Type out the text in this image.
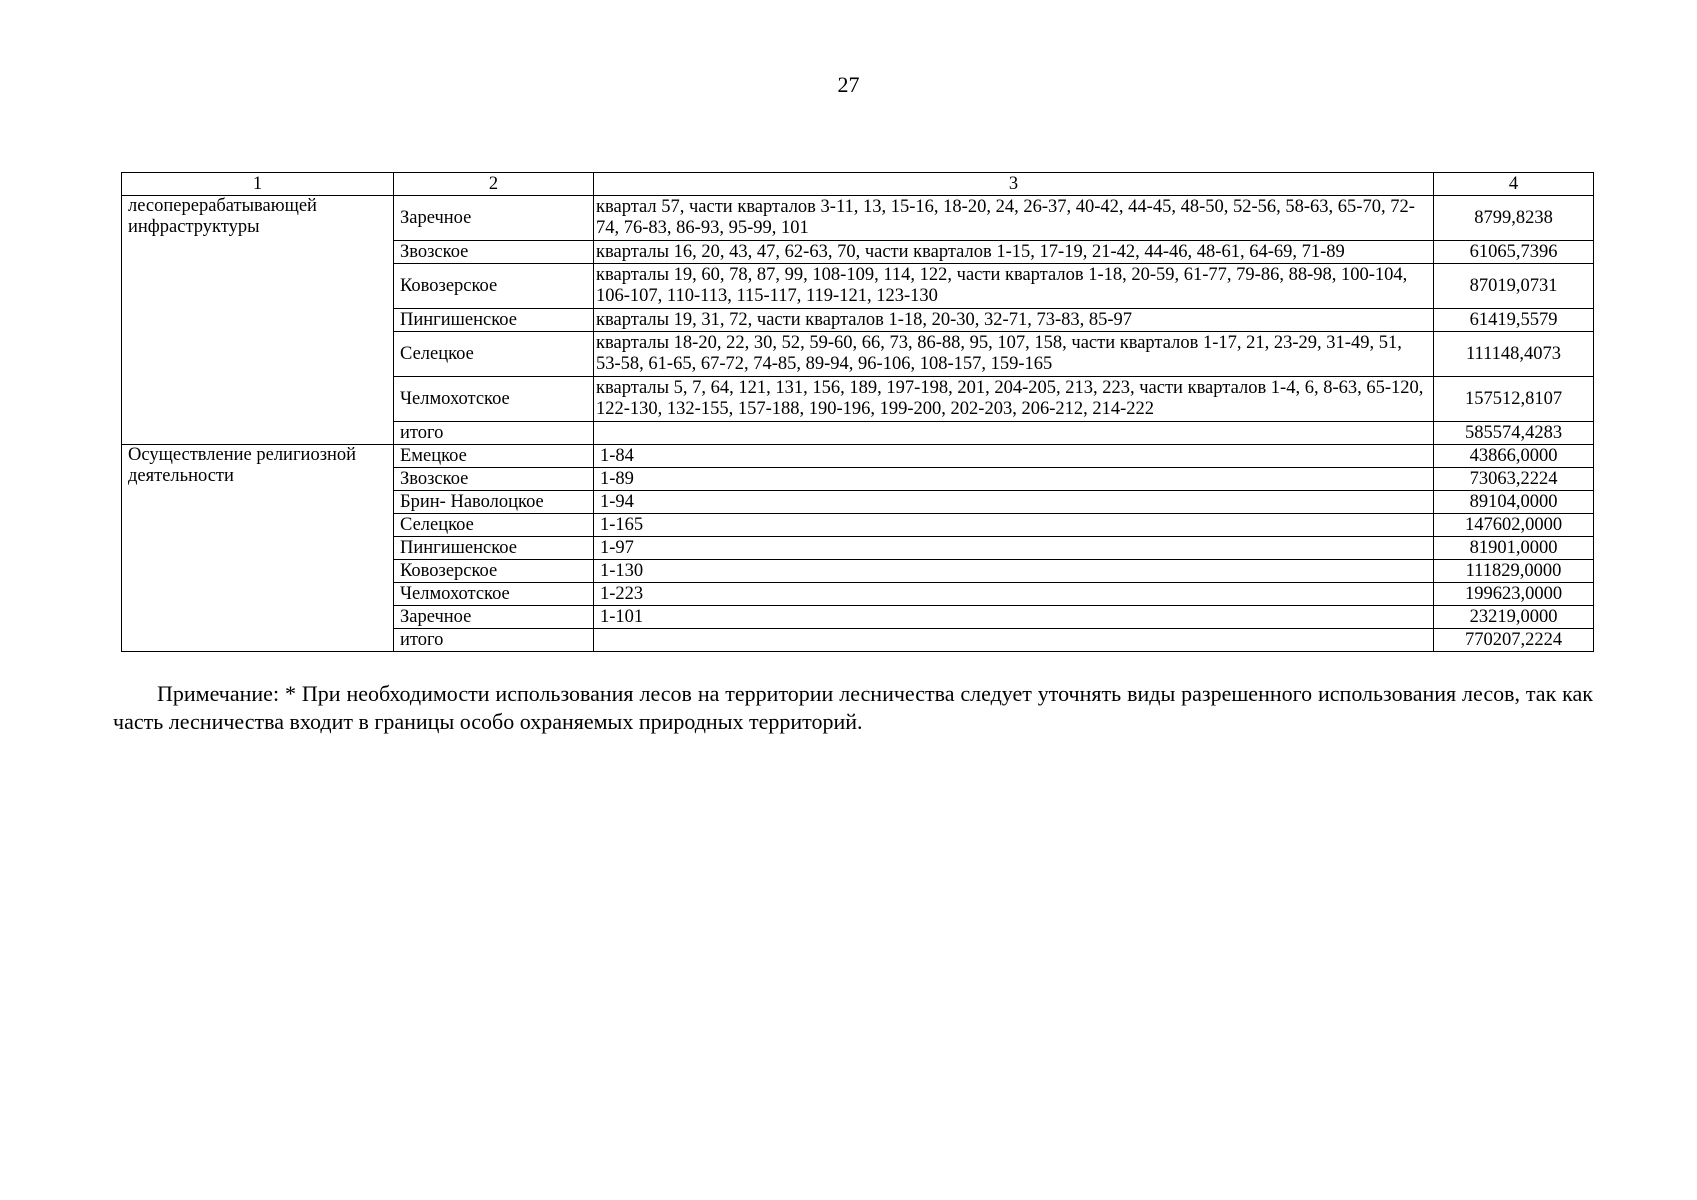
27
1	2	3	4
лесоперерабатывающей инфраструктуры	Заречное	квартал 57, части кварталов 3-11, 13, 15-16, 18-20, 24, 26-37, 40-42, 44-45, 48-50, 52-56, 58-63, 65-70, 72-74, 76-83, 86-93, 95-99, 101	8799,8238
	Звозское	кварталы 16, 20, 43, 47, 62-63, 70, части кварталов 1-15, 17-19, 21-42, 44-46, 48-61, 64-69, 71-89	61065,7396
	Ковозерское	кварталы 19, 60, 78, 87, 99, 108-109, 114, 122, части кварталов 1-18, 20-59, 61-77, 79-86, 88-98, 100-104, 106-107, 110-113, 115-117, 119-121, 123-130	87019,0731
	Пингишенское	кварталы 19, 31, 72, части кварталов 1-18, 20-30, 32-71, 73-83, 85-97	61419,5579
	Селецкое	кварталы 18-20, 22, 30, 52, 59-60, 66, 73, 86-88, 95, 107, 158, части кварталов 1-17, 21, 23-29, 31-49, 51, 53-58, 61-65, 67-72, 74-85, 89-94, 96-106, 108-157, 159-165	111148,4073
	Челмохотское	кварталы 5, 7, 64, 121, 131, 156, 189, 197-198, 201, 204-205, 213, 223, части кварталов 1-4, 6, 8-63, 65-120, 122-130, 132-155, 157-188, 190-196, 199-200, 202-203, 206-212, 214-222	157512,8107
	итого		585574,4283
Осуществление религиозной деятельности	Емецкое	1-84	43866,0000
	Звозское	1-89	73063,2224
	Брин- Наволоцкое	1-94	89104,0000
	Селецкое	1-165	147602,0000
	Пингишенское	1-97	81901,0000
	Ковозерское	1-130	111829,0000
	Челмохотское	1-223	199623,0000
	Заречное	1-101	23219,0000
	итого		770207,2224
Примечание: * При необходимости использования лесов на территории лесничества следует уточнять виды разрешенного использования лесов, так как часть лесничества входит в границы особо охраняемых природных территорий.
